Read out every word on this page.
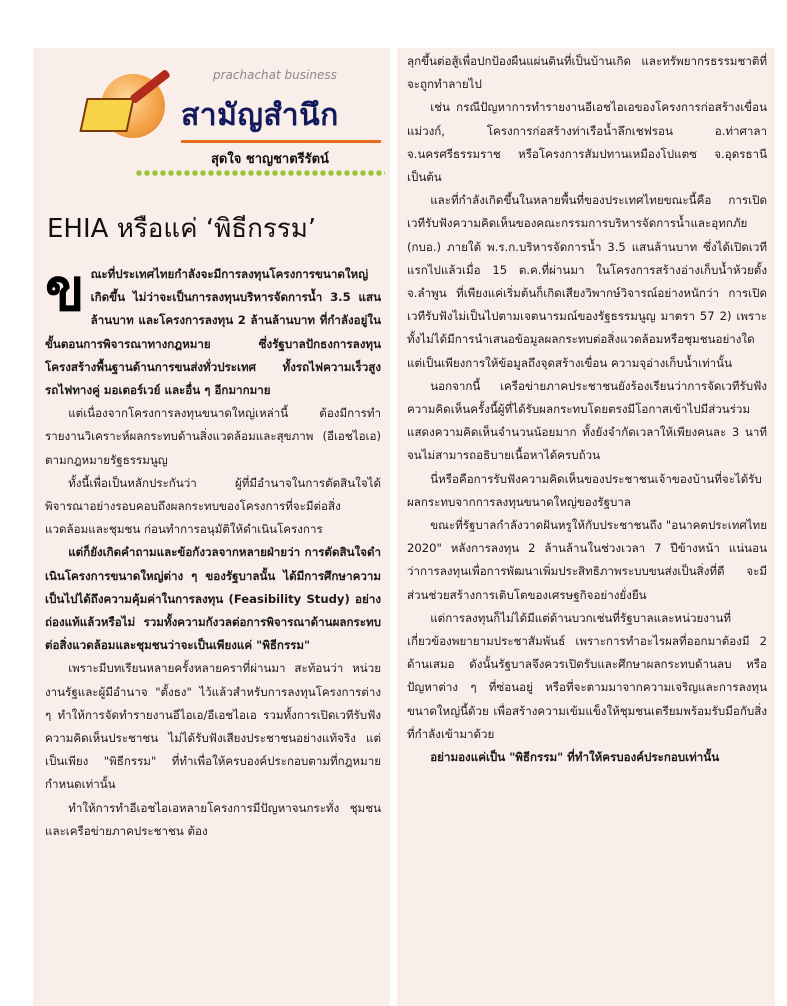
prachachat business
สามัญสำนึก
สุดใจ ชาญชาตรีรัตน์
EHIA หรือแค่ ‘พิธีกรรม’

ขณะที่ประเทศไทยกำลังจะมีการลงทุนโครงการขนาดใหญ่เกิดขึ้น ไม่ว่าจะเป็นการลงทุนบริหารจัดการน้ำ 3.5 แสนล้านบาท และโครงการลงทุน 2 ล้านล้านบาท ที่กำลังอยู่ในขั้นตอนการพิจารณาทางกฎหมาย ซึ่งรัฐบาลปักธงการลงทุนโครงสร้างพื้นฐานด้านการขนส่งทั่วประเทศ ทั้งรถไฟความเร็วสูง รถไฟทางคู่ มอเตอร์เวย์ และอื่น ๆ อีกมากมาย

แต่เนื่องจากโครงการลงทุนขนาดใหญ่เหล่านี้ ต้องมีการทำรายงานวิเคราะห์ผลกระทบด้านสิ่งแวดล้อมและสุขภาพ (อีเอชไอเอ) ตามกฎหมายรัฐธรรมนูญ

ทั้งนี้เพื่อเป็นหลักประกันว่า ผู้ที่มีอำนาจในการตัดสินใจได้พิจารณาอย่างรอบคอบถึงผลกระทบของโครงการที่จะมีต่อสิ่งแวดล้อมและชุมชน ก่อนทำการอนุมัติให้ดำเนินโครงการ

แต่ก็ยังเกิดคำถามและข้อกังวลจากหลายฝ่ายว่า การตัดสินใจดำเนินโครงการขนาดใหญ่ต่าง ๆ ของรัฐบาลนั้น ได้มีการศึกษาความเป็นไปได้ถึงความคุ้มค่าในการลงทุน (Feasibility Study) อย่างถ่องแท้แล้วหรือไม่ รวมทั้งความกังวลต่อการพิจารณาด้านผลกระทบต่อสิ่งแวดล้อมและชุมชนว่าจะเป็นเพียงแค่ "พิธีกรรม"

เพราะมีบทเรียนหลายครั้งหลายคราที่ผ่านมา สะท้อนว่า หน่วยงานรัฐและผู้มีอำนาจ "ตั้งธง" ไว้แล้วสำหรับการลงทุนโครงการต่าง ๆ ทำให้การจัดทำรายงานอีไอเอ/อีเอชไอเอ รวมทั้งการเปิดเวทีรับฟังความคิดเห็นประชาชน ไม่ได้รับฟังเสียงประชาชนอย่างแท้จริง แต่เป็นเพียง "พิธีกรรม" ที่ทำเพื่อให้ครบองค์ประกอบตามที่กฎหมายกำหนดเท่านั้น

ทำให้การทำอีเอชไอเอหลายโครงการมีปัญหาจนกระทั่ง ชุมชนและเครือข่ายภาคประชาชน ต้อง

ลุกขึ้นต่อสู้เพื่อปกป้องผืนแผ่นดินที่เป็นบ้านเกิด และทรัพยากรธรรมชาติที่จะถูกทำลายไป

เช่น กรณีปัญหาการทำรายงานอีเอชไอเอของโครงการก่อสร้างเขื่อนแม่วงก์, โครงการก่อสร้างท่าเรือน้ำลึกเชฟรอน อ.ท่าศาลา จ.นครศรีธรรมราช หรือโครงการสัมปทานเหมืองโปแตซ จ.อุดรธานี เป็นต้น

และที่กำลังเกิดขึ้นในหลายพื้นที่ของประเทศไทยขณะนี้คือ การเปิดเวทีรับฟังความคิดเห็นของคณะกรรมการบริหารจัดการน้ำและอุทกภัย (กบอ.) ภายใต้ พ.ร.ก.บริหารจัดการน้ำ 3.5 แสนล้านบาท ซึ่งได้เปิดเวทีแรกไปแล้วเมื่อ 15 ต.ค.ที่ผ่านมา ในโครงการสร้างอ่างเก็บน้ำห้วยตั้ง จ.ลำพูน ที่เพียงแค่เริ่มต้นก็เกิดเสียงวิพากษ์วิจารณ์อย่างหนักว่า การเปิดเวทีรับฟังไม่เป็นไปตามเจตนารมณ์ของรัฐธรรมนูญ มาตรา 57 2) เพราะทั้งไม่ได้มีการนำเสนอข้อมูลผลกระทบต่อสิ่งแวดล้อมหรือชุมชนอย่างใด แต่เป็นเพียงการให้ข้อมูลถึงจุดสร้างเขื่อน ความจุอ่างเก็บน้ำเท่านั้น

นอกจากนี้ เครือข่ายภาคประชาชนยังร้องเรียนว่าการจัดเวทีรับฟังความคิดเห็นครั้งนี้ผู้ที่ได้รับผลกระทบโดยตรงมีโอกาสเข้าไปมีส่วนร่วมแสดงความคิดเห็นจำนวนน้อยมาก ทั้งยังจำกัดเวลาให้เพียงคนละ 3 นาทีจนไม่สามารถอธิบายเนื้อหาได้ครบถ้วน

นี่หรือคือการรับฟังความคิดเห็นของประชาชนเจ้าของบ้านที่จะได้รับผลกระทบจากการลงทุนขนาดใหญ่ของรัฐบาล

ขณะที่รัฐบาลกำลังวาดฝันหรูให้กับประชาชนถึง "อนาคตประเทศไทย 2020" หลังการลงทุน 2 ล้านล้านในช่วงเวลา 7 ปีข้างหน้า แน่นอนว่าการลงทุนเพื่อการพัฒนาเพิ่มประสิทธิภาพระบบขนส่งเป็นสิ่งที่ดี จะมีส่วนช่วยสร้างการเติบโตของเศรษฐกิจอย่างยั่งยืน

แต่การลงทุนก็ไม่ได้มีแต่ด้านบวกเช่นที่รัฐบาลและหน่วยงานที่เกี่ยวข้องพยายามประชาสัมพันธ์ เพราะการทำอะไรผลที่ออกมาต้องมี 2 ด้านเสมอ ดังนั้นรัฐบาลจึงควรเปิดรับและศึกษาผลกระทบด้านลบ หรือปัญหาต่าง ๆ ที่ซ่อนอยู่ หรือที่จะตามมาจากความเจริญและการลงทุนขนาดใหญ่นี้ด้วย เพื่อสร้างความเข้มแข็งให้ชุมชนเตรียมพร้อมรับมือกับสิ่งที่กำลังเข้ามาด้วย

อย่ามองแค่เป็น "พิธีกรรม" ที่ทำให้ครบองค์ประกอบเท่านั้น
